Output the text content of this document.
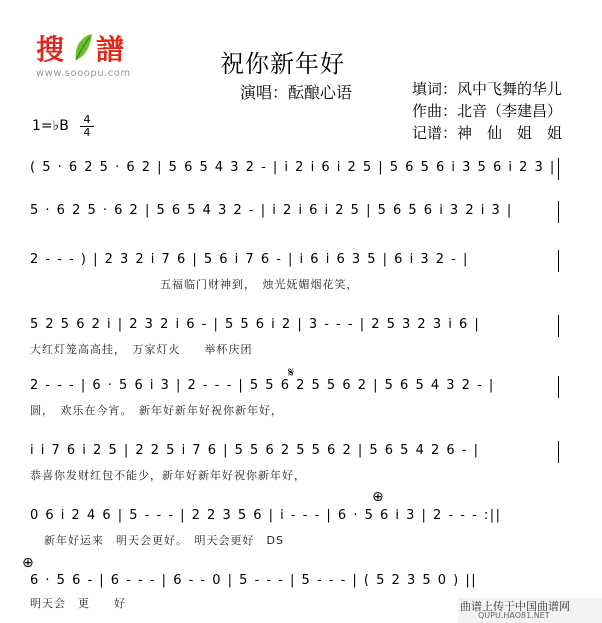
搜 譜
www.sooopu.com	祝你新年好
演唱：酝酿心语	填词：风中飞舞的华儿
作曲：北音（李建昌）
记谱：神　仙　姐　姐
1=♭B	4
4
( 5 · 6 2 5 · 6 2 | 5 6 5 4 3 2 - | i 2 i 6 i 2 5 | 5 6 5 6 i 3 5 6 i 2 3 |
5 · 6 2 5 · 6 2 | 5 6 5 4 3 2 - | i 2 i 6 i 2 5 | 5 6 5 6 i 3 2 i 3 |
2 - - - ) | 2 3 2 i 7 6 | 5 6 i 7 6 - | i 6 i 6 3 5 | 6 i 3 2 - |
五福临门财神到，　烛光妩媚烟花笑，
5 2 5 6 2 i | 2 3 2 i 6 - | 5 5 6 i 2 | 3 - - - | 2 5 3 2 3 i 6 |
大红灯笼高高挂，　万家灯火　　举杯庆团
𝄋
2 - - - | 6 · 5 6 i 3 | 2 - - - | 5 5 6 2 5 5 6 2 | 5 6 5 4 3 2 - |
圆，　欢乐在今宵。　新年好新年好祝你新年好，
i i 7 6 i 2 5 | 2 2 5 i 7 6 | 5 5 6 2 5 5 6 2 | 5 6 5 4 2 6 - |
恭喜你发财红包不能少，新年好新年好祝你新年好，
⊕
0 6 i 2 4 6 | 5 - - - | 2 2 3 5 6 | i - - - | 6 · 5 6 i 3 | 2 - - - :||
新年好运来　明天会更好。　明天会更好　DS
⊕
6 · 5 6 - | 6 - - - | 6 - - 0 | 5 - - - | 5 - - - | ( 5 2 3 5 0 ) ||
明天会　更　　好	曲谱上传于中国曲谱网
QUPU.HAO81.NET
